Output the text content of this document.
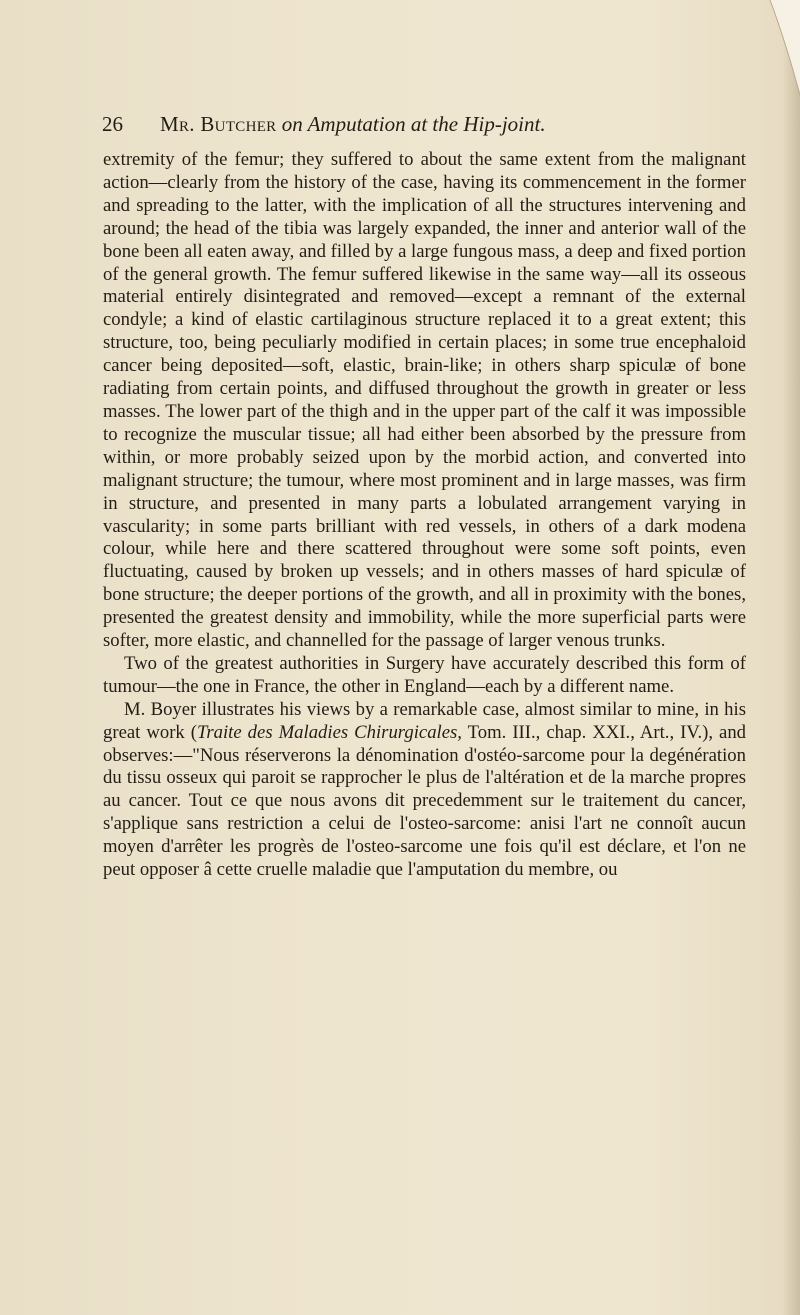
26 Mr. Butcher on Amputation at the Hip-joint.

extremity of the femur; they suffered to about the same extent from the malignant action—clearly from the history of the case, having its commencement in the former and spreading to the latter, with the implication of all the structures intervening and around; the head of the tibia was largely expanded, the inner and anterior wall of the bone been all eaten away, and filled by a large fungous mass, a deep and fixed portion of the general growth. The femur suffered likewise in the same way—all its osseous material entirely disintegrated and removed—except a remnant of the external condyle; a kind of elastic cartilaginous structure replaced it to a great extent; this structure, too, being peculiarly modified in certain places; in some true encephaloid cancer being deposited—soft, elastic, brain-like; in others sharp spiculæ of bone radiating from certain points, and diffused throughout the growth in greater or less masses. The lower part of the thigh and in the upper part of the calf it was impossible to recognize the muscular tissue; all had either been absorbed by the pressure from within, or more probably seized upon by the morbid action, and converted into malignant structure; the tumour, where most prominent and in large masses, was firm in structure, and presented in many parts a lobulated arrangement varying in vascularity; in some parts brilliant with red vessels, in others of a dark modena colour, while here and there scattered throughout were some soft points, even fluctuating, caused by broken up vessels; and in others masses of hard spiculæ of bone structure; the deeper portions of the growth, and all in proximity with the bones, presented the greatest density and immobility, while the more superficial parts were softer, more elastic, and channelled for the passage of larger venous trunks.

Two of the greatest authorities in Surgery have accurately described this form of tumour—the one in France, the other in England—each by a different name.

M. Boyer illustrates his views by a remarkable case, almost similar to mine, in his great work (Traite des Maladies Chirurgicales, Tom. III., chap. XXI., Art., IV.), and observes:—"Nous réserverons la dénomination d'ostéo-sarcome pour la degénération du tissu osseux qui paroit se rapprocher le plus de l'altération et de la marche propres au cancer. Tout ce que nous avons dit precedemment sur le traitement du cancer, s'applique sans restriction a celui de l'osteo-sarcome: anisi l'art ne connoît aucun moyen d'arrêter les progrès de l'osteo-sarcome une fois qu'il est déclare, et l'on ne peut opposer â cette cruelle maladie que l'amputation du membre, ou
